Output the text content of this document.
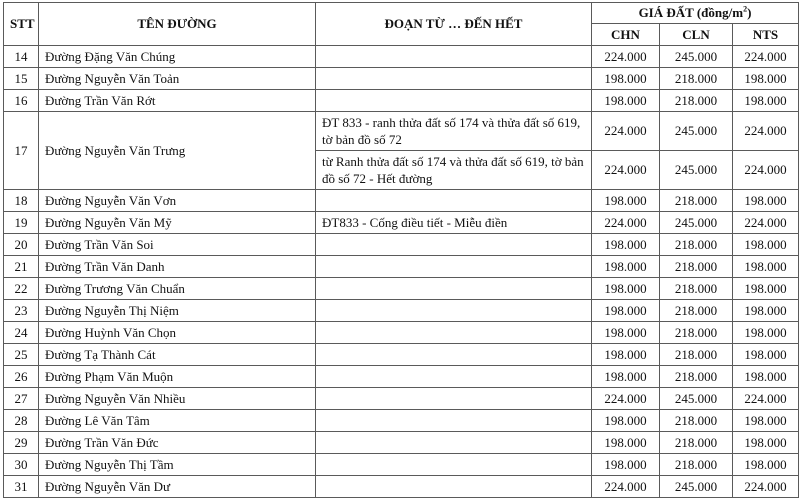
STT	TÊN ĐƯỜNG	ĐOẠN TỪ … ĐẾN HẾT	GIÁ ĐẤT $(đồng/m^2)$		
			CHN	CLN	NTS
14	Đường Đặng Văn Chúng		224.000	245.000	224.000
15	Đường Nguyễn Văn Toản		198.000	218.000	198.000
16	Đường Trần Văn Rớt		198.000	218.000	198.000
17	Đường Nguyễn Văn Trưng	ĐT 833 - ranh thửa đất số 174 và thửa đất số 619, tờ bản đồ số 72	224.000	245.000	224.000
		từ Ranh thửa đất số 174 và thửa đất số 619, tờ bản đồ số 72 - Hết đường	224.000	245.000	224.000
18	Đường Nguyễn Văn Vơn		198.000	218.000	198.000
19	Đường Nguyễn Văn Mỹ	ĐT833 - Cống điều tiết - Miễu điền	224.000	245.000	224.000
20	Đường Trần Văn Soi		198.000	218.000	198.000
21	Đường Trần Văn Danh		198.000	218.000	198.000
22	Đường Trương Văn Chuẩn		198.000	218.000	198.000
23	Đường Nguyễn Thị Niệm		198.000	218.000	198.000
24	Đường Huỳnh Văn Chọn		198.000	218.000	198.000
25	Đường Tạ Thành Cát		198.000	218.000	198.000
26	Đường Phạm Văn Muộn		198.000	218.000	198.000
27	Đường Nguyễn Văn Nhiều		224.000	245.000	224.000
28	Đường Lê Văn Tâm		198.000	218.000	198.000
29	Đường Trần Văn Đức		198.000	218.000	198.000
30	Đường Nguyễn Thị Tầm		198.000	218.000	198.000
31	Đường Nguyễn Văn Dư		224.000	245.000	224.000
